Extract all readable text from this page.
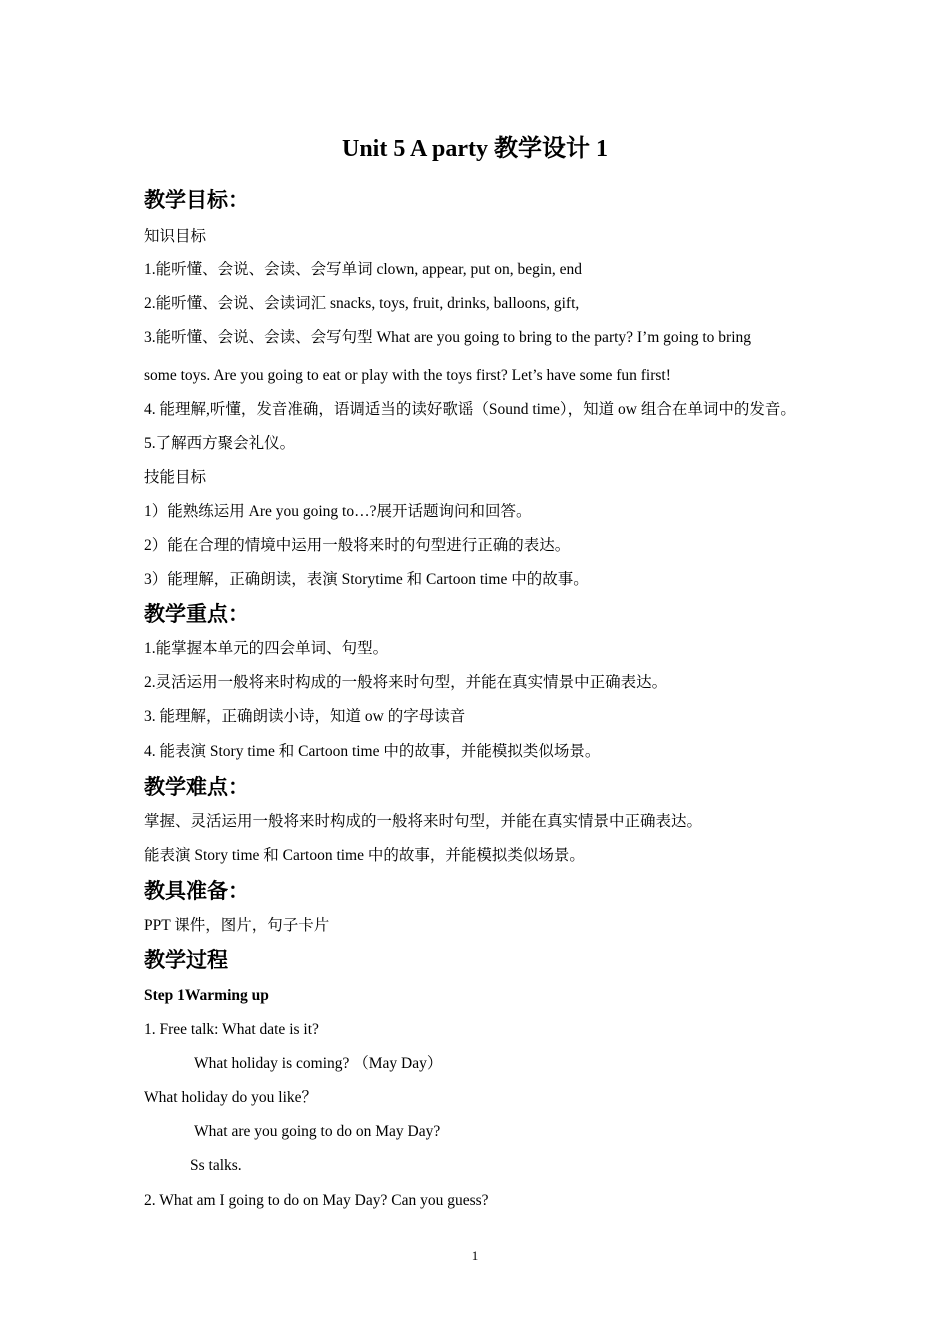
Unit 5 A party 教学设计 1
教学目标：
知识目标
1.能听懂、会说、会读、会写单词 clown, appear, put on, begin, end
2.能听懂、会说、会读词汇 snacks, toys, fruit, drinks, balloons, gift,
3.能听懂、会说、会读、会写句型 What are you going to bring to the party? I’m going to bring
some toys. Are you going to eat or play with the toys first? Let’s have some fun first!
4. 能理解,听懂，发音准确，语调适当的读好歌谣（Sound time），知道 ow 组合在单词中的发音。
5.了解西方聚会礼仪。
技能目标
1）能熟练运用 Are you going to…?展开话题询问和回答。
2）能在合理的情境中运用一般将来时的句型进行正确的表达。
3）能理解，正确朗读，表演 Storytime 和 Cartoon time 中的故事。
教学重点：
1.能掌握本单元的四会单词、句型。
2.灵活运用一般将来时构成的一般将来时句型，并能在真实情景中正确表达。
3. 能理解，正确朗读小诗，知道 ow 的字母读音
4. 能表演 Story time 和 Cartoon time 中的故事，并能模拟类似场景。
教学难点：
掌握、灵活运用一般将来时构成的一般将来时句型，并能在真实情景中正确表达。
能表演 Story time 和 Cartoon time 中的故事，并能模拟类似场景。
教具准备：
PPT 课件，图片，句子卡片
教学过程
Step 1Warming up
1. Free talk: What date is it?
What holiday is coming? （May Day）
What holiday do you like？
What are you going to do on May Day?
Ss talks.
2. What am I going to do on May Day? Can you guess?
1
